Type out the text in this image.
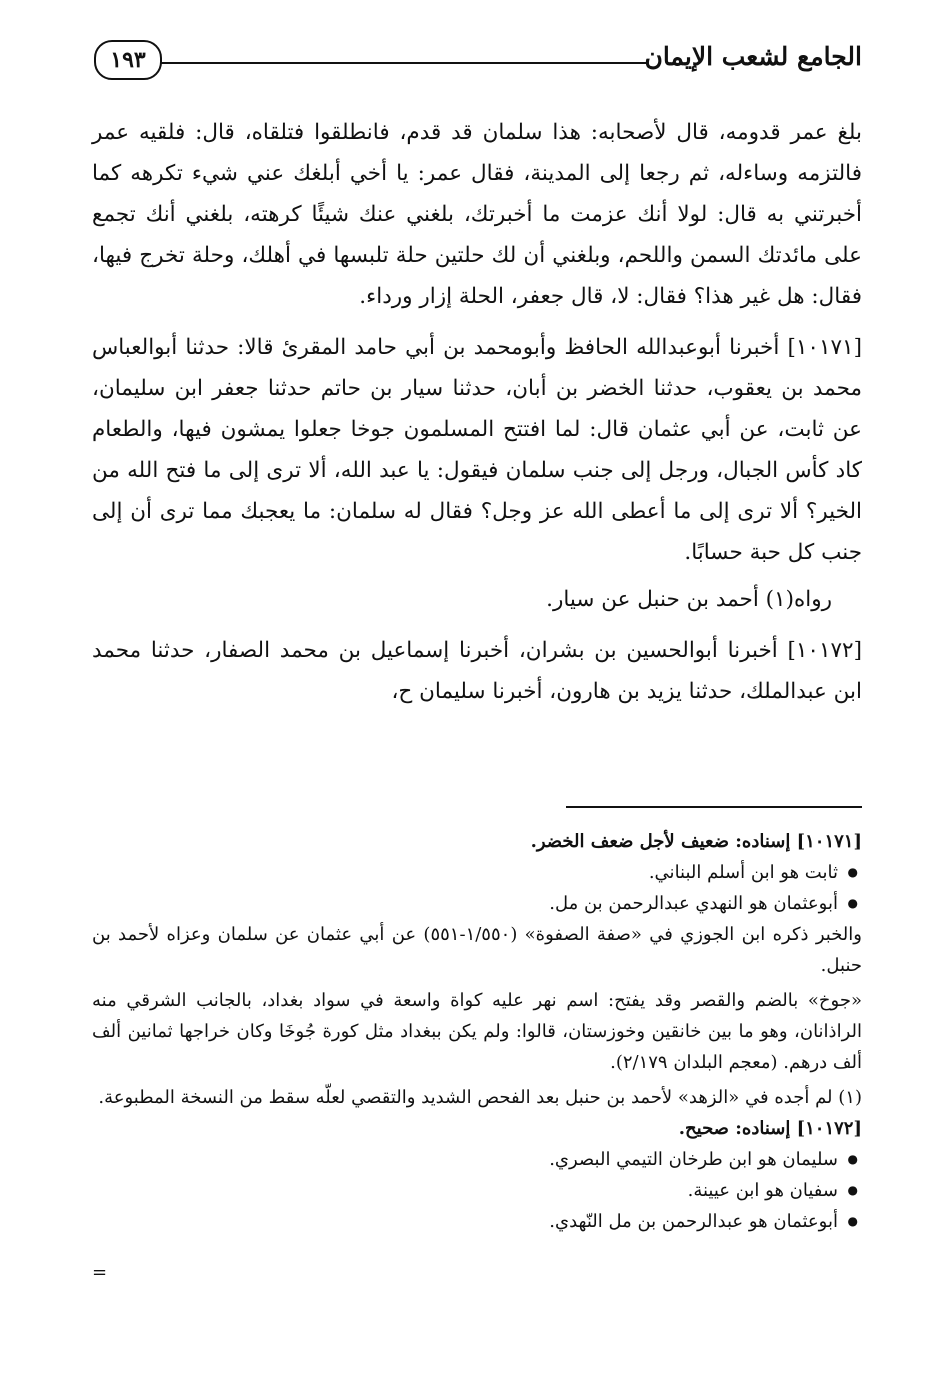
الجامع لشعب الإيمان
١٩٣

بلغ عمر قدومه، قال لأصحابه: هذا سلمان قد قدم، فانطلقوا فتلقاه، قال: فلقيه عمر فالتزمه وساءله، ثم رجعا إلى المدينة، فقال عمر: يا أخي أبلغك عني شيء تكرهه كما أخبرتني به قال: لولا أنك عزمت ما أخبرتك، بلغني عنك شيئًا كرهته، بلغني أنك تجمع على مائدتك السمن واللحم، وبلغني أن لك حلتين حلة تلبسها في أهلك، وحلة تخرج فيها، فقال: هل غير هذا؟ فقال: لا، قال جعفر، الحلة إزار ورداء.

[١٠١٧١] أخبرنا أبوعبدالله الحافظ وأبومحمد بن أبي حامد المقرئ قالا: حدثنا أبوالعباس محمد بن يعقوب، حدثنا الخضر بن أبان، حدثنا سيار بن حاتم حدثنا جعفر ابن سليمان، عن ثابت، عن أبي عثمان قال: لما افتتح المسلمون جوخا جعلوا يمشون فيها، والطعام كاد كأس الجبال، ورجل إلى جنب سلمان فيقول: يا عبد الله، ألا ترى إلى ما فتح الله من الخير؟ ألا ترى إلى ما أعطى الله عز وجل؟ فقال له سلمان: ما يعجبك مما ترى أن إلى جنب كل حبة حسابًا.

رواه(١) أحمد بن حنبل عن سيار.

[١٠١٧٢] أخبرنا أبوالحسين بن بشران، أخبرنا إسماعيل بن محمد الصفار، حدثنا محمد ابن عبدالملك، حدثنا يزيد بن هارون، أخبرنا سليمان ح،

[١٠١٧١] إسناده: ضعيف لأجل ضعف الخضر.

● ثابت هو ابن أسلم البناني.

● أبوعثمان هو النهدي عبدالرحمن بن مل.

والخبر ذكره ابن الجوزي في «صفة الصفوة» (١/٥٥٠-٥٥١) عن أبي عثمان عن سلمان وعزاه لأحمد بن حنبل.

«جوخ» بالضم والقصر وقد يفتح: اسم نهر عليه كواة واسعة في سواد بغداد، بالجانب الشرقي منه الراذانان، وهو ما بين خانقين وخوزستان، قالوا: ولم يكن ببغداد مثل كورة جُوخَا وكان خراجها ثمانين ألف ألف درهم. (معجم البلدان ٢/١٧٩).

(١) لم أجده في «الزهد» لأحمد بن حنبل بعد الفحص الشديد والتقصي لعلّه سقط من النسخة المطبوعة.

[١٠١٧٢] إسناده: صحيح.

● سليمان هو ابن طرخان التيمي البصري.

● سفيان هو ابن عيينة.

● أبوعثمان هو عبدالرحمن بن مل النّهدي.

=
